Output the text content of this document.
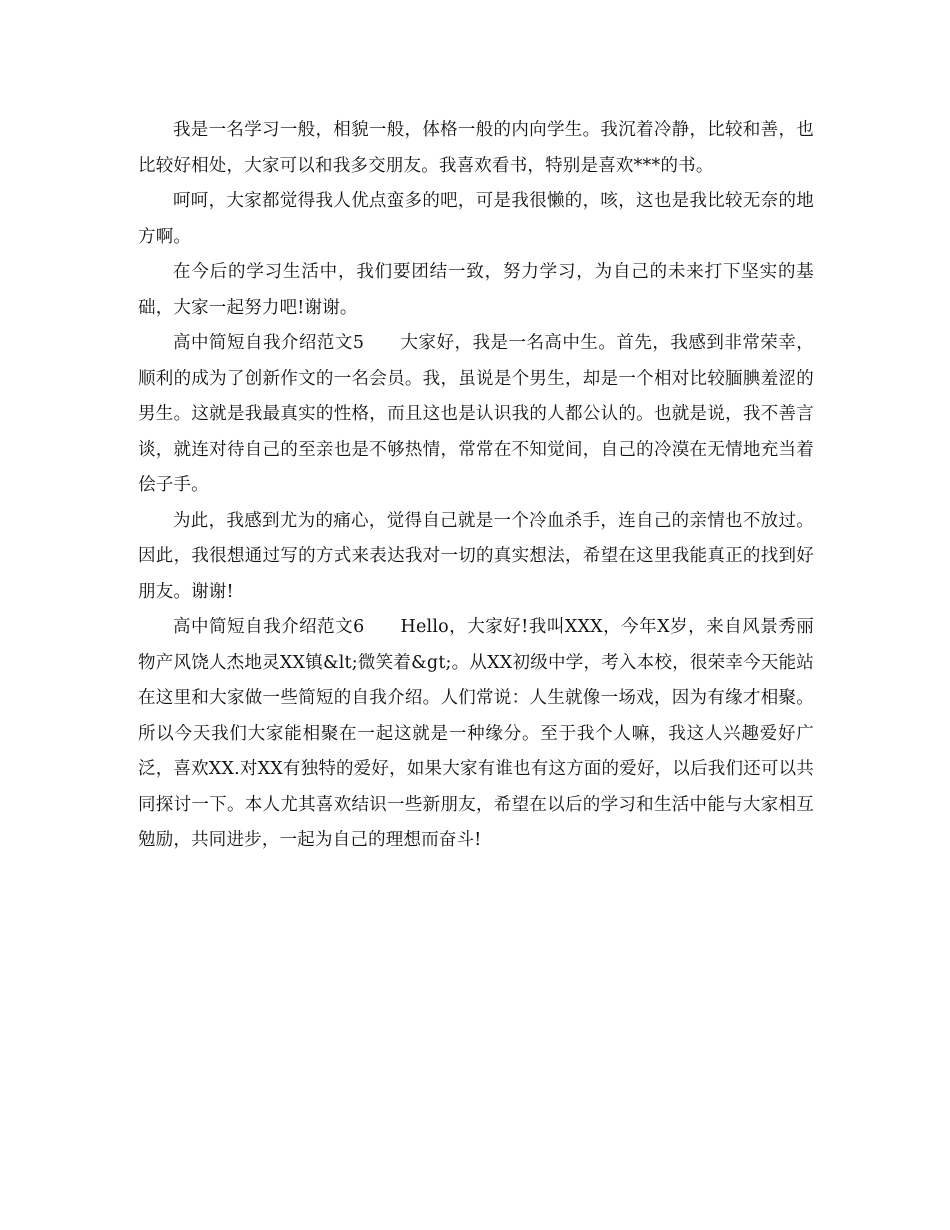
我是一名学习一般，相貌一般，体格一般的内向学生。我沉着冷静，比较和善，也比较好相处，大家可以和我多交朋友。我喜欢看书，特别是喜欢***的书。

呵呵，大家都觉得我人优点蛮多的吧，可是我很懒的，咳，这也是我比较无奈的地方啊。

在今后的学习生活中，我们要团结一致，努力学习，为自己的未来打下坚实的基础，大家一起努力吧!谢谢。

高中简短自我介绍范文5 大家好，我是一名高中生。首先，我感到非常荣幸，顺利的成为了创新作文的一名会员。我，虽说是个男生，却是一个相对比较腼腆羞涩的男生。这就是我最真实的性格，而且这也是认识我的人都公认的。也就是说，我不善言谈，就连对待自己的至亲也是不够热情，常常在不知觉间，自己的冷漠在无情地充当着侩子手。

为此，我感到尤为的痛心，觉得自己就是一个冷血杀手，连自己的亲情也不放过。因此，我很想通过写的方式来表达我对一切的真实想法，希望在这里我能真正的找到好朋友。谢谢!

高中简短自我介绍范文6 Hello，大家好!我叫XXX，今年X岁，来自风景秀丽物产风饶人杰地灵XX镇&lt;微笑着&gt;。从XX初级中学，考入本校，很荣幸今天能站在这里和大家做一些简短的自我介绍。人们常说：人生就像一场戏，因为有缘才相聚。所以今天我们大家能相聚在一起这就是一种缘分。至于我个人嘛，我这人兴趣爱好广泛，喜欢XX.对XX有独特的爱好，如果大家有谁也有这方面的爱好，以后我们还可以共同探讨一下。本人尤其喜欢结识一些新朋友，希望在以后的学习和生活中能与大家相互勉励，共同进步，一起为自己的理想而奋斗!
